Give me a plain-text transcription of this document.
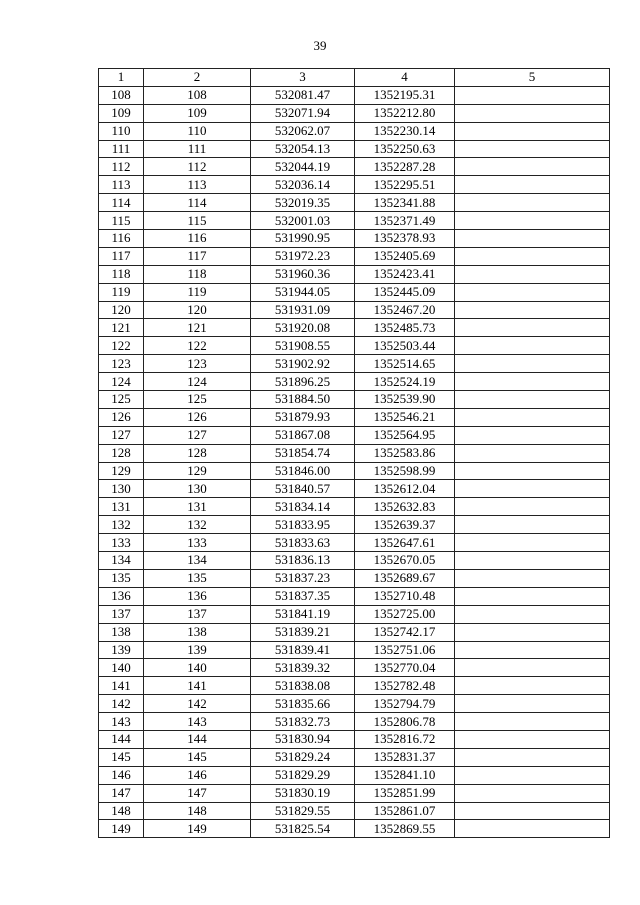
39
1	2	3	4	5
108	108	532081.47	1352195.31	
109	109	532071.94	1352212.80	
110	110	532062.07	1352230.14	
111	111	532054.13	1352250.63	
112	112	532044.19	1352287.28	
113	113	532036.14	1352295.51	
114	114	532019.35	1352341.88	
115	115	532001.03	1352371.49	
116	116	531990.95	1352378.93	
117	117	531972.23	1352405.69	
118	118	531960.36	1352423.41	
119	119	531944.05	1352445.09	
120	120	531931.09	1352467.20	
121	121	531920.08	1352485.73	
122	122	531908.55	1352503.44	
123	123	531902.92	1352514.65	
124	124	531896.25	1352524.19	
125	125	531884.50	1352539.90	
126	126	531879.93	1352546.21	
127	127	531867.08	1352564.95	
128	128	531854.74	1352583.86	
129	129	531846.00	1352598.99	
130	130	531840.57	1352612.04	
131	131	531834.14	1352632.83	
132	132	531833.95	1352639.37	
133	133	531833.63	1352647.61	
134	134	531836.13	1352670.05	
135	135	531837.23	1352689.67	
136	136	531837.35	1352710.48	
137	137	531841.19	1352725.00	
138	138	531839.21	1352742.17	
139	139	531839.41	1352751.06	
140	140	531839.32	1352770.04	
141	141	531838.08	1352782.48	
142	142	531835.66	1352794.79	
143	143	531832.73	1352806.78	
144	144	531830.94	1352816.72	
145	145	531829.24	1352831.37	
146	146	531829.29	1352841.10	
147	147	531830.19	1352851.99	
148	148	531829.55	1352861.07	
149	149	531825.54	1352869.55	
